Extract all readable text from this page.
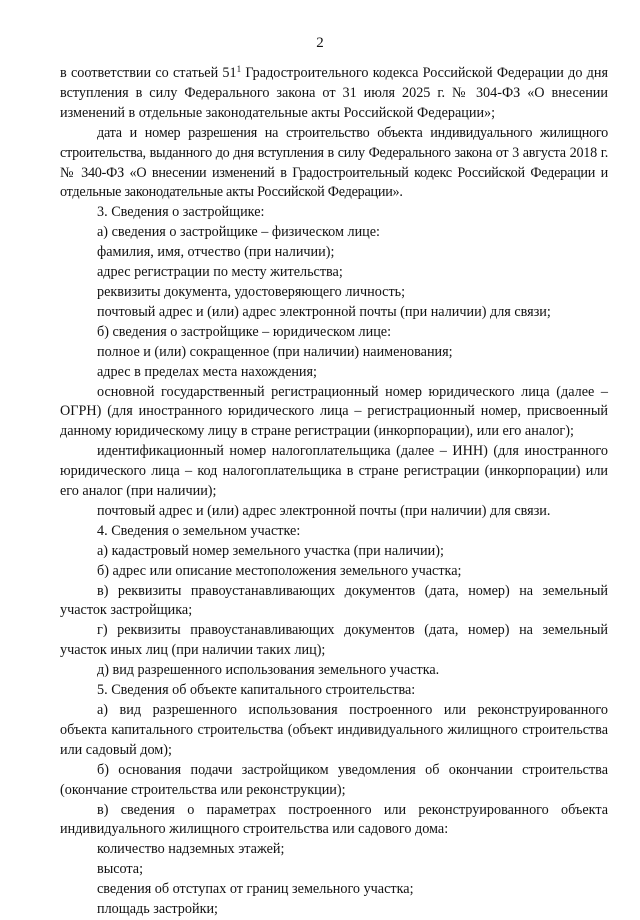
2

в соответствии со статьей $51^1$ Градостроительного кодекса Российской Федерации до дня вступления в силу Федерального закона от 31 июля 2025 г. № 304-ФЗ «О внесении изменений в отдельные законодательные акты Российской Федерации»;

дата и номер разрешения на строительство объекта индивидуального жилищного строительства, выданного до дня вступления в силу Федерального закона от 3 августа 2018 г. № 340-ФЗ «О внесении изменений в Градостроительный кодекс Российской Федерации и отдельные законодательные акты Российской Федерации».

3. Сведения о застройщике:

а) сведения о застройщике – физическом лице:

фамилия, имя, отчество (при наличии);

адрес регистрации по месту жительства;

реквизиты документа, удостоверяющего личность;

почтовый адрес и (или) адрес электронной почты (при наличии) для связи;

б) сведения о застройщике – юридическом лице:

полное и (или) сокращенное (при наличии) наименования;

адрес в пределах места нахождения;

основной государственный регистрационный номер юридического лица (далее – ОГРН) (для иностранного юридического лица – регистрационный номер, присвоенный данному юридическому лицу в стране регистрации (инкорпорации), или его аналог);

идентификационный номер налогоплательщика (далее – ИНН) (для иностранного юридического лица – код налогоплательщика в стране регистрации (инкорпорации) или его аналог (при наличии);

почтовый адрес и (или) адрес электронной почты (при наличии) для связи.

4. Сведения о земельном участке:

а) кадастровый номер земельного участка (при наличии);

б) адрес или описание местоположения земельного участка;

в) реквизиты правоустанавливающих документов (дата, номер) на земельный участок застройщика;

г) реквизиты правоустанавливающих документов (дата, номер) на земельный участок иных лиц (при наличии таких лиц);

д) вид разрешенного использования земельного участка.

5. Сведения об объекте капитального строительства:

а) вид разрешенного использования построенного или реконструированного объекта капитального строительства (объект индивидуального жилищного строительства или садовый дом);

б) основания подачи застройщиком уведомления об окончании строительства (окончание строительства или реконструкции);

в) сведения о параметрах построенного или реконструированного объекта индивидуального жилищного строительства или садового дома:

количество надземных этажей;

высота;

сведения об отступах от границ земельного участка;

площадь застройки;
